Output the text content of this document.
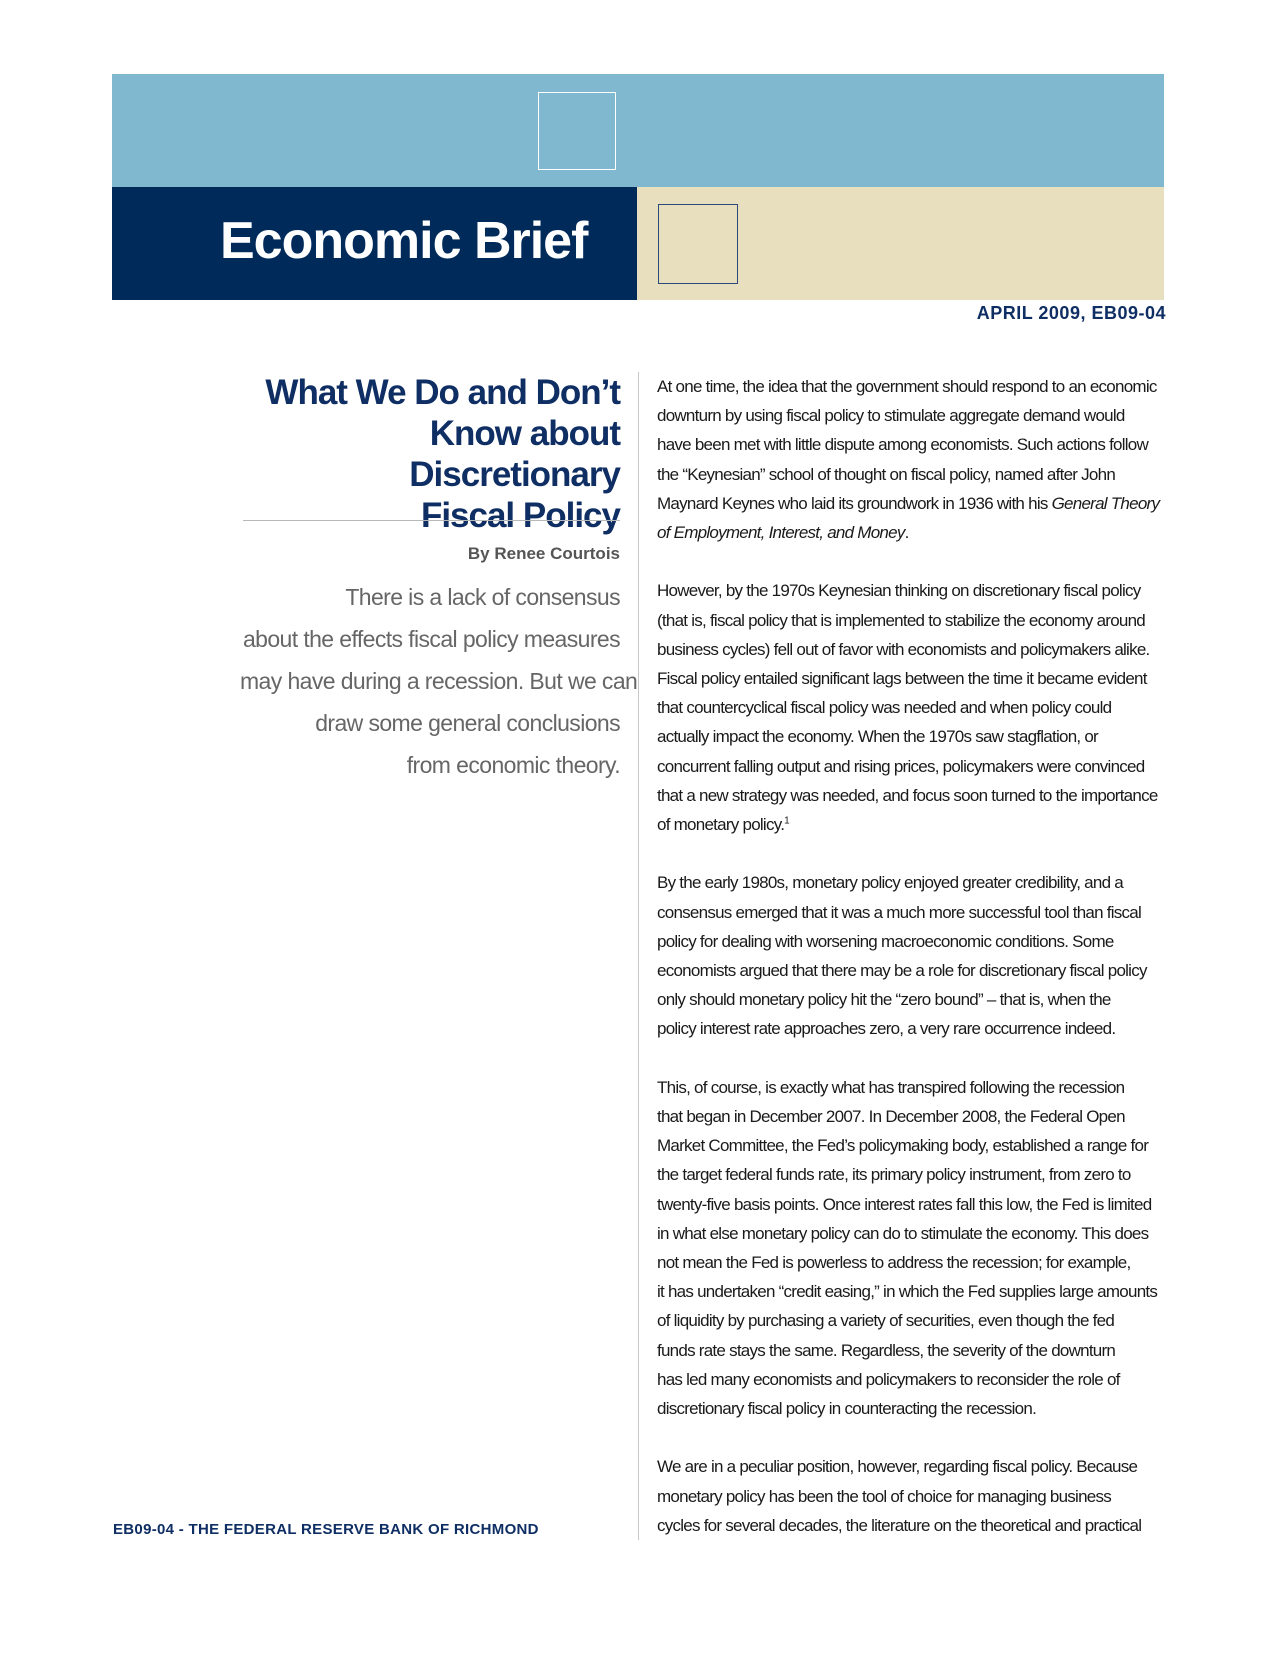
Economic Brief
APRIL 2009, EB09-04
What We Do and Don’t
Know about Discretionary
Fiscal Policy
By Renee Courtois
There is a lack of consensus
about the effects fiscal policy measures
may have during a recession. But we can
draw some general conclusions
from economic theory.

At one time, the idea that the government should respond to an economic
downturn by using fiscal policy to stimulate aggregate demand would
have been met with little dispute among economists. Such actions follow
the “Keynesian” school of thought on fiscal policy, named after John
Maynard Keynes who laid its groundwork in 1936 with his General Theory
of Employment, Interest, and Money.

However, by the 1970s Keynesian thinking on discretionary fiscal policy
(that is, fiscal policy that is implemented to stabilize the economy around
business cycles) fell out of favor with economists and policymakers alike.
Fiscal policy entailed significant lags between the time it became evident
that countercyclical fiscal policy was needed and when policy could
actually impact the economy. When the 1970s saw stagflation, or
concurrent falling output and rising prices, policymakers were convinced
that a new strategy was needed, and focus soon turned to the importance
of monetary policy.$^1$

By the early 1980s, monetary policy enjoyed greater credibility, and a
consensus emerged that it was a much more successful tool than fiscal
policy for dealing with worsening macroeconomic conditions. Some
economists argued that there may be a role for discretionary fiscal policy
only should monetary policy hit the “zero bound” – that is, when the
policy interest rate approaches zero, a very rare occurrence indeed.

This, of course, is exactly what has transpired following the recession
that began in December 2007. In December 2008, the Federal Open
Market Committee, the Fed’s policymaking body, established a range for
the target federal funds rate, its primary policy instrument, from zero to
twenty-five basis points. Once interest rates fall this low, the Fed is limited
in what else monetary policy can do to stimulate the economy. This does
not mean the Fed is powerless to address the recession; for example,
it has undertaken “credit easing,” in which the Fed supplies large amounts
of liquidity by purchasing a variety of securities, even though the fed
funds rate stays the same. Regardless, the severity of the downturn
has led many economists and policymakers to reconsider the role of
discretionary fiscal policy in counteracting the recession.

We are in a peculiar position, however, regarding fiscal policy. Because
monetary policy has been the tool of choice for managing business
cycles for several decades, the literature on the theoretical and practical

EB09-04 - THE FEDERAL RESERVE BANK OF RICHMOND
